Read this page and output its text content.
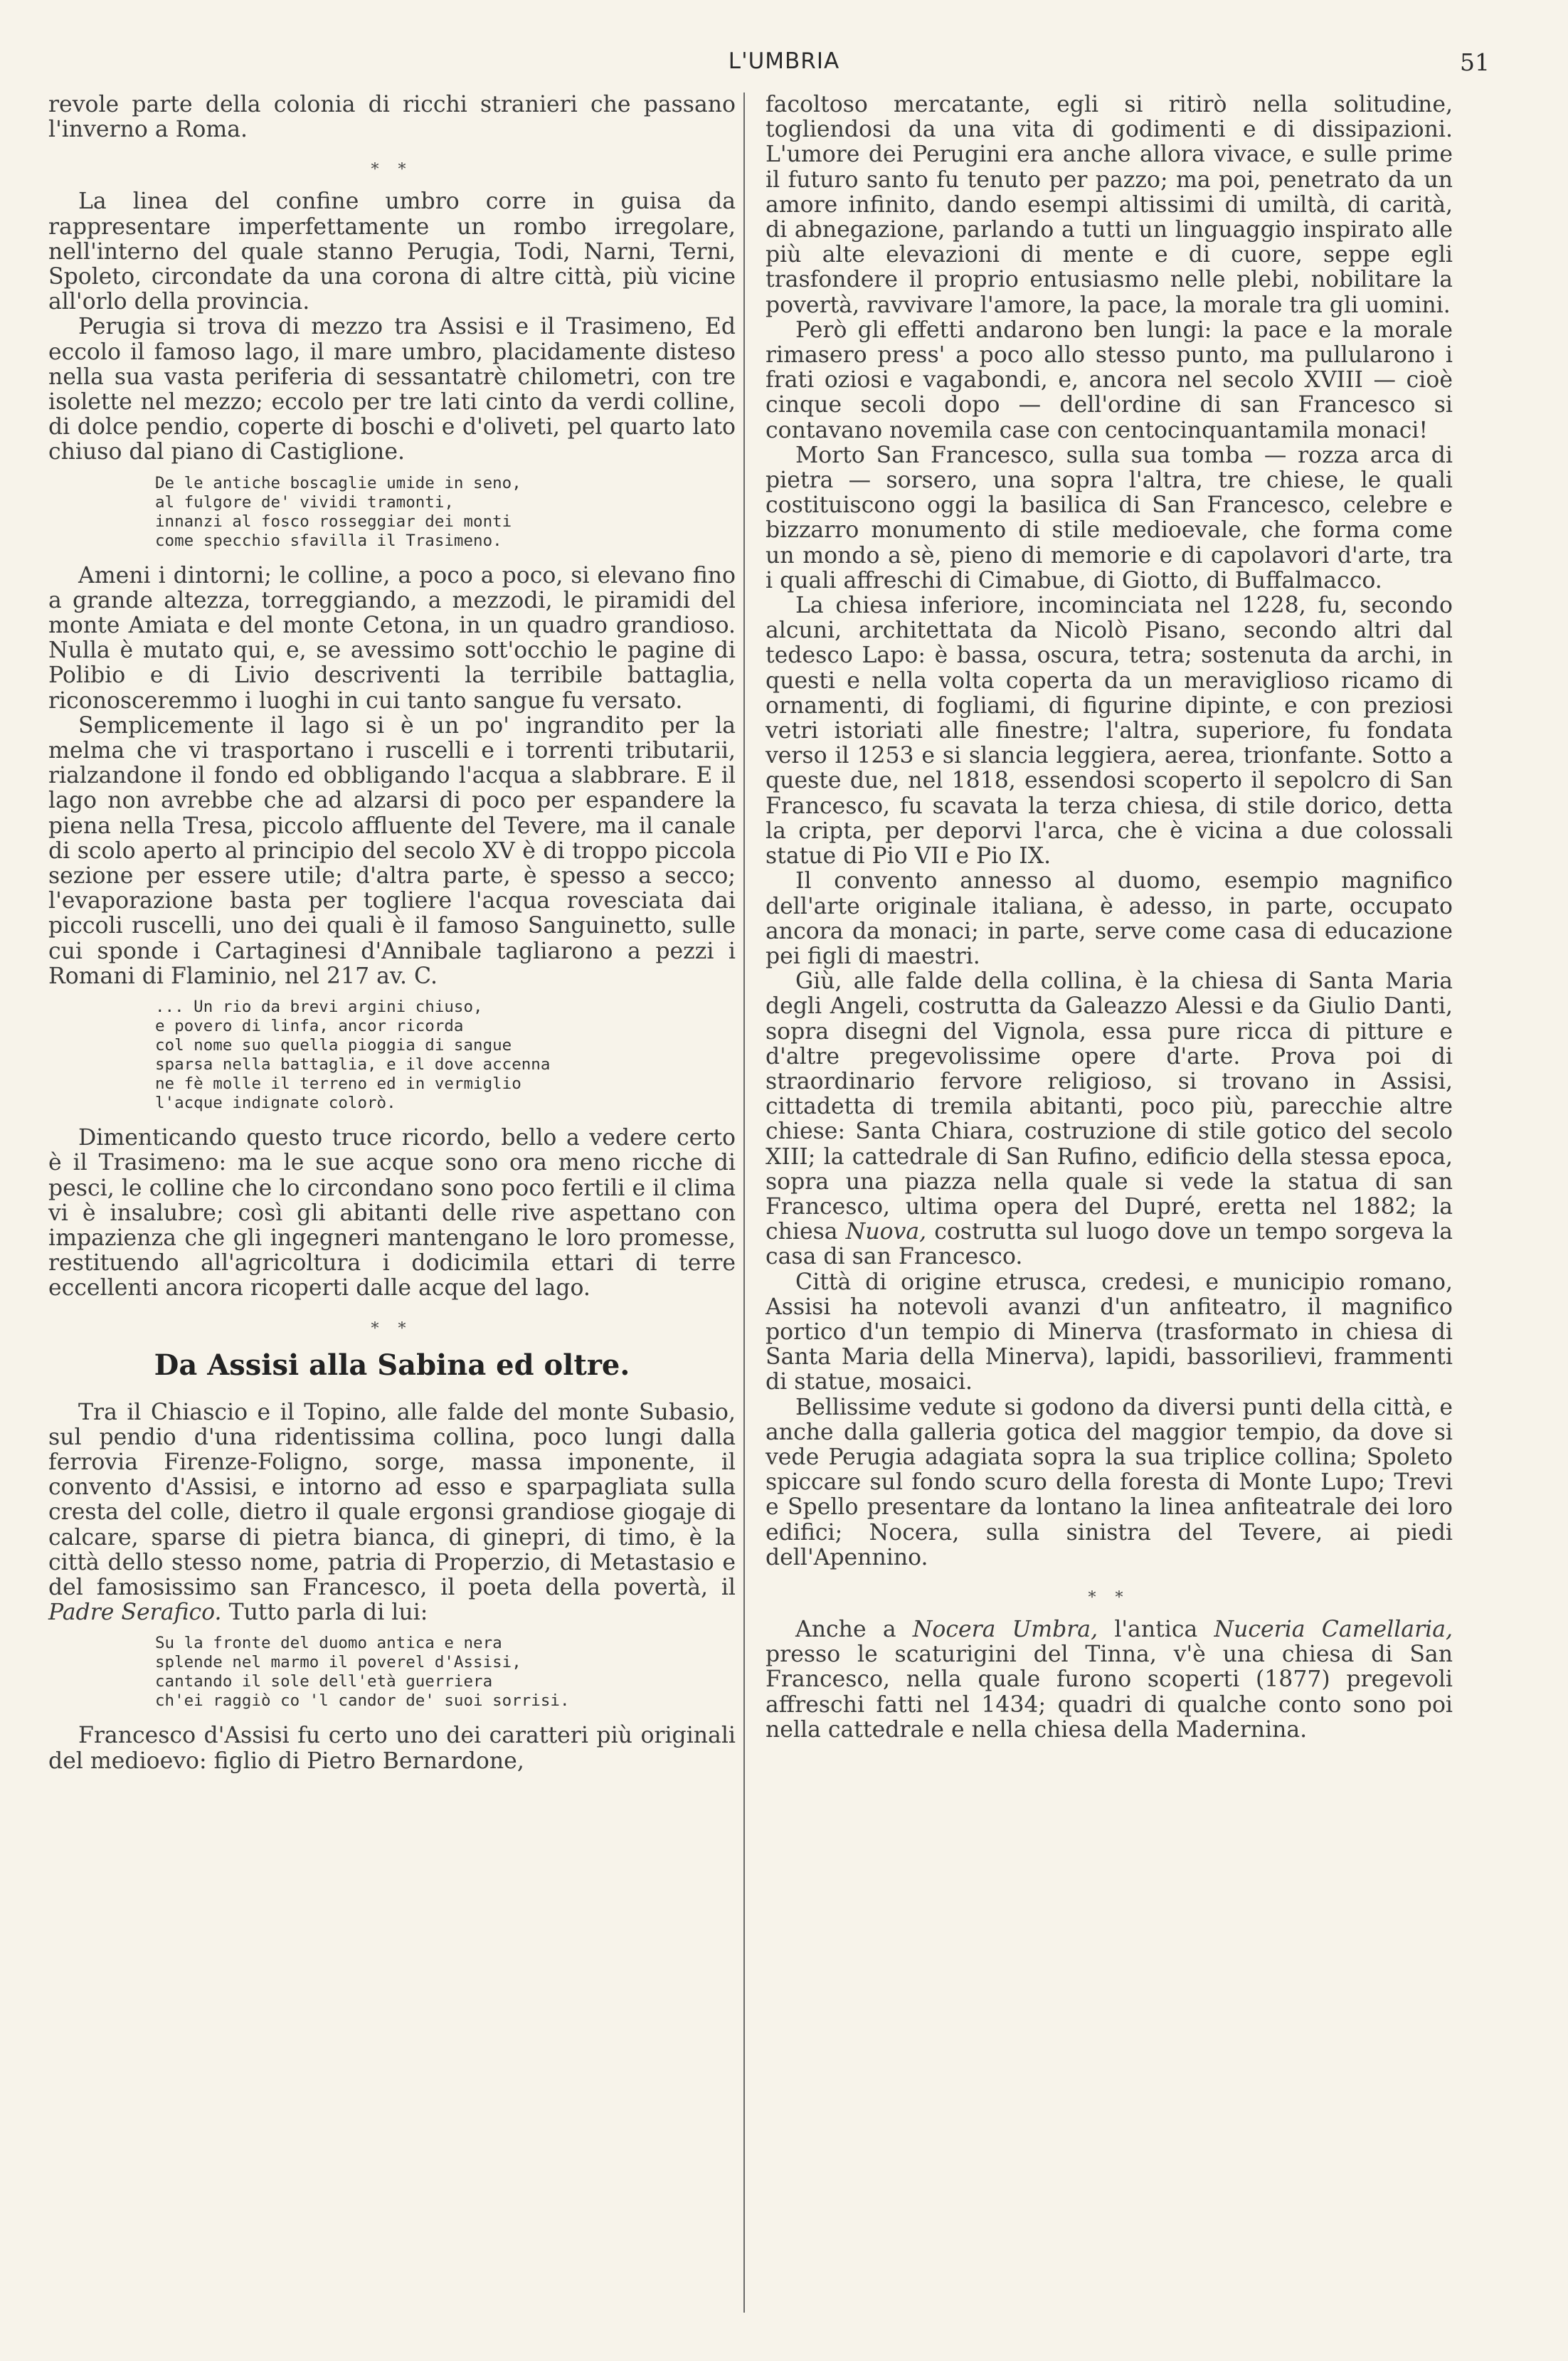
L'UMBRIA	51

revole parte della colonia di ricchi stranieri che passano l'inverno a Roma.

* *

La linea del confine umbro corre in guisa da rappresentare imperfettamente un rombo irregolare, nell'interno del quale stanno Perugia, Todi, Narni, Terni, Spoleto, circondate da una corona di altre città, più vicine all'orlo della provincia.

Perugia si trova di mezzo tra Assisi e il Trasimeno, Ed eccolo il famoso lago, il mare umbro, placidamente disteso nella sua vasta periferia di sessantatrè chilometri, con tre isolette nel mezzo; eccolo per tre lati cinto da verdi colline, di dolce pendio, coperte di boschi e d'oliveti, pel quarto lato chiuso dal piano di Castiglione.

De le antiche boscaglie umide in seno,
al fulgore de' vividi tramonti,
innanzi al fosco rosseggiar dei monti
come specchio sfavilla il Trasimeno.

Ameni i dintorni; le colline, a poco a poco, si elevano fino a grande altezza, torreggiando, a mezzodi, le piramidi del monte Amiata e del monte Cetona, in un quadro grandioso. Nulla è mutato qui, e, se avessimo sott'occhio le pagine di Polibio e di Livio descriventi la terribile battaglia, riconosceremmo i luoghi in cui tanto sangue fu versato.

Semplicemente il lago si è un po' ingrandito per la melma che vi trasportano i ruscelli e i torrenti tributarii, rialzandone il fondo ed obbligando l'acqua a slabbrare. E il lago non avrebbe che ad alzarsi di poco per espandere la piena nella Tresa, piccolo affluente del Tevere, ma il canale di scolo aperto al principio del secolo XV è di troppo piccola sezione per essere utile; d'altra parte, è spesso a secco; l'evaporazione basta per togliere l'acqua rovesciata dai piccoli ruscelli, uno dei quali è il famoso Sanguinetto, sulle cui sponde i Cartaginesi d'Annibale tagliarono a pezzi i Romani di Flaminio, nel 217 av. C.

... Un rio da brevi argini chiuso,
e povero di linfa, ancor ricorda
col nome suo quella pioggia di sangue
sparsa nella battaglia, e il dove accenna
ne fè molle il terreno ed in vermiglio
l'acque indignate colorò.

Dimenticando questo truce ricordo, bello a vedere certo è il Trasimeno: ma le sue acque sono ora meno ricche di pesci, le colline che lo circondano sono poco fertili e il clima vi è insalubre; così gli abitanti delle rive aspettano con impazienza che gli ingegneri mantengano le loro promesse, restituendo all'agricoltura i dodicimila ettari di terre eccellenti ancora ricoperti dalle acque del lago.

* *
Da Assisi alla Sabina ed oltre.

Tra il Chiascio e il Topino, alle falde del monte Subasio, sul pendio d'una ridentissima collina, poco lungi dalla ferrovia Firenze-Foligno, sorge, massa imponente, il convento d'Assisi, e intorno ad esso e sparpagliata sulla cresta del colle, dietro il quale ergonsi grandiose giogaje di calcare, sparse di pietra bianca, di ginepri, di timo, è la città dello stesso nome, patria di Properzio, di Metastasio e del famosissimo san Francesco, il poeta della povertà, il Padre Serafico. Tutto parla di lui:

Su la fronte del duomo antica e nera
splende nel marmo il poverel d'Assisi,
cantando il sole dell'età guerriera
ch'ei raggiò co 'l candor de' suoi sorrisi.

Francesco d'Assisi fu certo uno dei caratteri più originali del medioevo: figlio di Pietro Bernardone,

facoltoso mercatante, egli si ritirò nella solitudine, togliendosi da una vita di godimenti e di dissipazioni. L'umore dei Perugini era anche allora vivace, e sulle prime il futuro santo fu tenuto per pazzo; ma poi, penetrato da un amore infinito, dando esempi altissimi di umiltà, di carità, di abnegazione, parlando a tutti un linguaggio inspirato alle più alte elevazioni di mente e di cuore, seppe egli trasfondere il proprio entusiasmo nelle plebi, nobilitare la povertà, ravvivare l'amore, la pace, la morale tra gli uomini.

Però gli effetti andarono ben lungi: la pace e la morale rimasero press' a poco allo stesso punto, ma pullularono i frati oziosi e vagabondi, e, ancora nel secolo XVIII — cioè cinque secoli dopo — dell'ordine di san Francesco si contavano novemila case con centocinquantamila monaci!

Morto San Francesco, sulla sua tomba — rozza arca di pietra — sorsero, una sopra l'altra, tre chiese, le quali costituiscono oggi la basilica di San Francesco, celebre e bizzarro monumento di stile medioevale, che forma come un mondo a sè, pieno di memorie e di capolavori d'arte, tra i quali affreschi di Cimabue, di Giotto, di Buffalmacco.

La chiesa inferiore, incominciata nel 1228, fu, secondo alcuni, architettata da Nicolò Pisano, secondo altri dal tedesco Lapo: è bassa, oscura, tetra; sostenuta da archi, in questi e nella volta coperta da un meraviglioso ricamo di ornamenti, di fogliami, di figurine dipinte, e con preziosi vetri istoriati alle finestre; l'altra, superiore, fu fondata verso il 1253 e si slancia leggiera, aerea, trionfante. Sotto a queste due, nel 1818, essendosi scoperto il sepolcro di San Francesco, fu scavata la terza chiesa, di stile dorico, detta la cripta, per deporvi l'arca, che è vicina a due colossali statue di Pio VII e Pio IX.

Il convento annesso al duomo, esempio magnifico dell'arte originale italiana, è adesso, in parte, occupato ancora da monaci; in parte, serve come casa di educazione pei figli di maestri.

Giù, alle falde della collina, è la chiesa di Santa Maria degli Angeli, costrutta da Galeazzo Alessi e da Giulio Danti, sopra disegni del Vignola, essa pure ricca di pitture e d'altre pregevolissime opere d'arte. Prova poi di straordinario fervore religioso, si trovano in Assisi, cittadetta di tremila abitanti, poco più, parecchie altre chiese: Santa Chiara, costruzione di stile gotico del secolo XIII; la cattedrale di San Rufino, edificio della stessa epoca, sopra una piazza nella quale si vede la statua di san Francesco, ultima opera del Dupré, eretta nel 1882; la chiesa Nuova, costrutta sul luogo dove un tempo sorgeva la casa di san Francesco.

Città di origine etrusca, credesi, e municipio romano, Assisi ha notevoli avanzi d'un anfiteatro, il magnifico portico d'un tempio di Minerva (trasformato in chiesa di Santa Maria della Minerva), lapidi, bassorilievi, frammenti di statue, mosaici.

Bellissime vedute si godono da diversi punti della città, e anche dalla galleria gotica del maggior tempio, da dove si vede Perugia adagiata sopra la sua triplice collina; Spoleto spiccare sul fondo scuro della foresta di Monte Lupo; Trevi e Spello presentare da lontano la linea anfiteatrale dei loro edifici; Nocera, sulla sinistra del Tevere, ai piedi dell'Apennino.

* *

Anche a Nocera Umbra, l'antica Nuceria Camellaria, presso le scaturigini del Tinna, v'è una chiesa di San Francesco, nella quale furono scoperti (1877) pregevoli affreschi fatti nel 1434; quadri di qualche conto sono poi nella cattedrale e nella chiesa della Madernina.
